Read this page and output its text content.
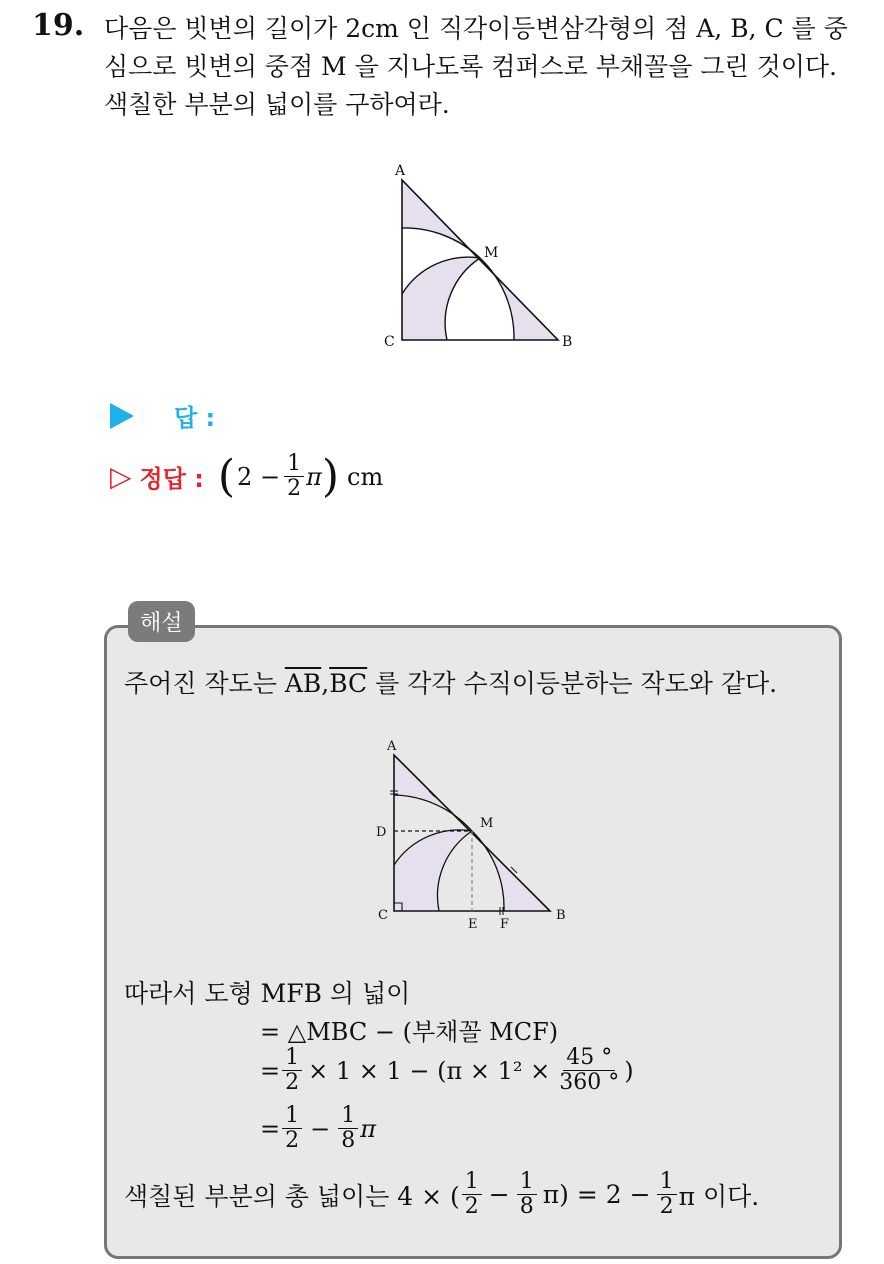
19. 다음은 빗변의 길이가 2cm 인 직각이등변삼각형의 점 A, B, C 를 중
심으로 빗변의 중점 M 을 지나도록 컴퍼스로 부채꼴을 그린 것이다.
색칠한 부분의 넓이를 구하여라.
A
M
C	B
답 :
▷ 정답 : ( $2 - \frac{1}{2}$ π ) cm
해설
주어진 작도는 $\overline{AB},\overline{BC}$ 를 각각 수직이등분하는 작도와 같다.
A
M
D
C
E F
B
따라서 도형 MFB 의 넓이
= △MBC − (부채꼴 MCF)
= $\frac{1}{2} \times 1 \times 1 - (\pi \times 1^2 \times \frac{45 ^\circ}{360 ^\circ}$ )
= $\frac{1}{2} - \frac{1}{8}$ π
색칠된 부분의 총 넓이는 4 × ( $\frac{1}{2} - \frac{1}{8} \pi) = 2 - \frac{1}{2}$ π 이다.
